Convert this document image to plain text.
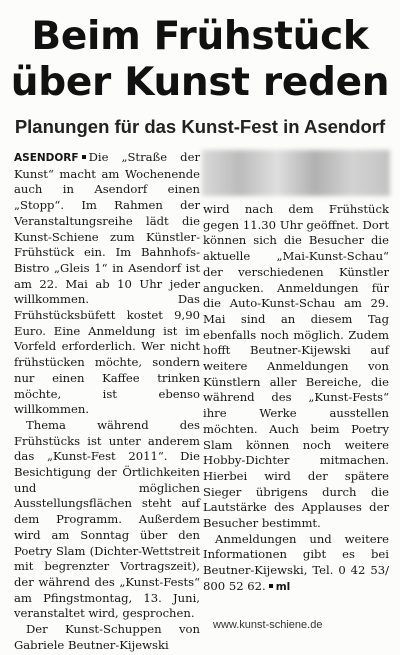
Beim Frühstück über Kunst reden
Planungen für das Kunst-Fest in Asendorf

ASENDORF Die „Straße der Kunst“ macht am Wochenende auch in Asendorf einen „Stopp“. Im Rahmen der Veranstaltungsreihe lädt die Kunst-Schiene zum Künstler-Frühstück ein. Im Bahnhofs-Bistro „Gleis 1“ in Asendorf ist am 22. Mai ab 10 Uhr jeder willkommen. Das Frühstücksbüfett kostet 9,90 Euro. Eine Anmeldung ist im Vorfeld erforderlich. Wer nicht frühstücken möchte, sondern nur einen Kaffee trinken möchte, ist ebenso willkommen.

Thema während des Frühstücks ist unter anderem das „Kunst-Fest 2011“. Die Besichtigung der Örtlichkeiten und möglichen Ausstellungsflächen steht auf dem Programm. Außerdem wird am Sonntag über den Poetry Slam (Dichter-Wettstreit mit begrenzter Vortragszeit), der während des „Kunst-Fests“ am Pfingstmontag, 13. Juni, veranstaltet wird, gesprochen.

Der Kunst-Schuppen von Gabriele Beutner-Kijewski

wird nach dem Frühstück gegen 11.30 Uhr geöffnet. Dort können sich die Besucher die aktuelle „Mai-Kunst-Schau“ der verschiedenen Künstler angucken. Anmeldungen für die Auto-Kunst-Schau am 29. Mai sind an diesem Tag ebenfalls noch möglich. Zudem hofft Beutner-Kijewski auf weitere Anmeldungen von Künstlern aller Bereiche, die während des „Kunst-Fests“ ihre Werke ausstellen möchten. Auch beim Poetry Slam können noch weitere Hobby-Dichter mitmachen. Hierbei wird der spätere Sieger übrigens durch die Lautstärke des Applauses der Besucher bestimmt.

Anmeldungen und weitere Informationen gibt es bei Beutner-Kijewski, Tel. 0 42 53/ 800 52 62. ml

www.kunst-schiene.de
